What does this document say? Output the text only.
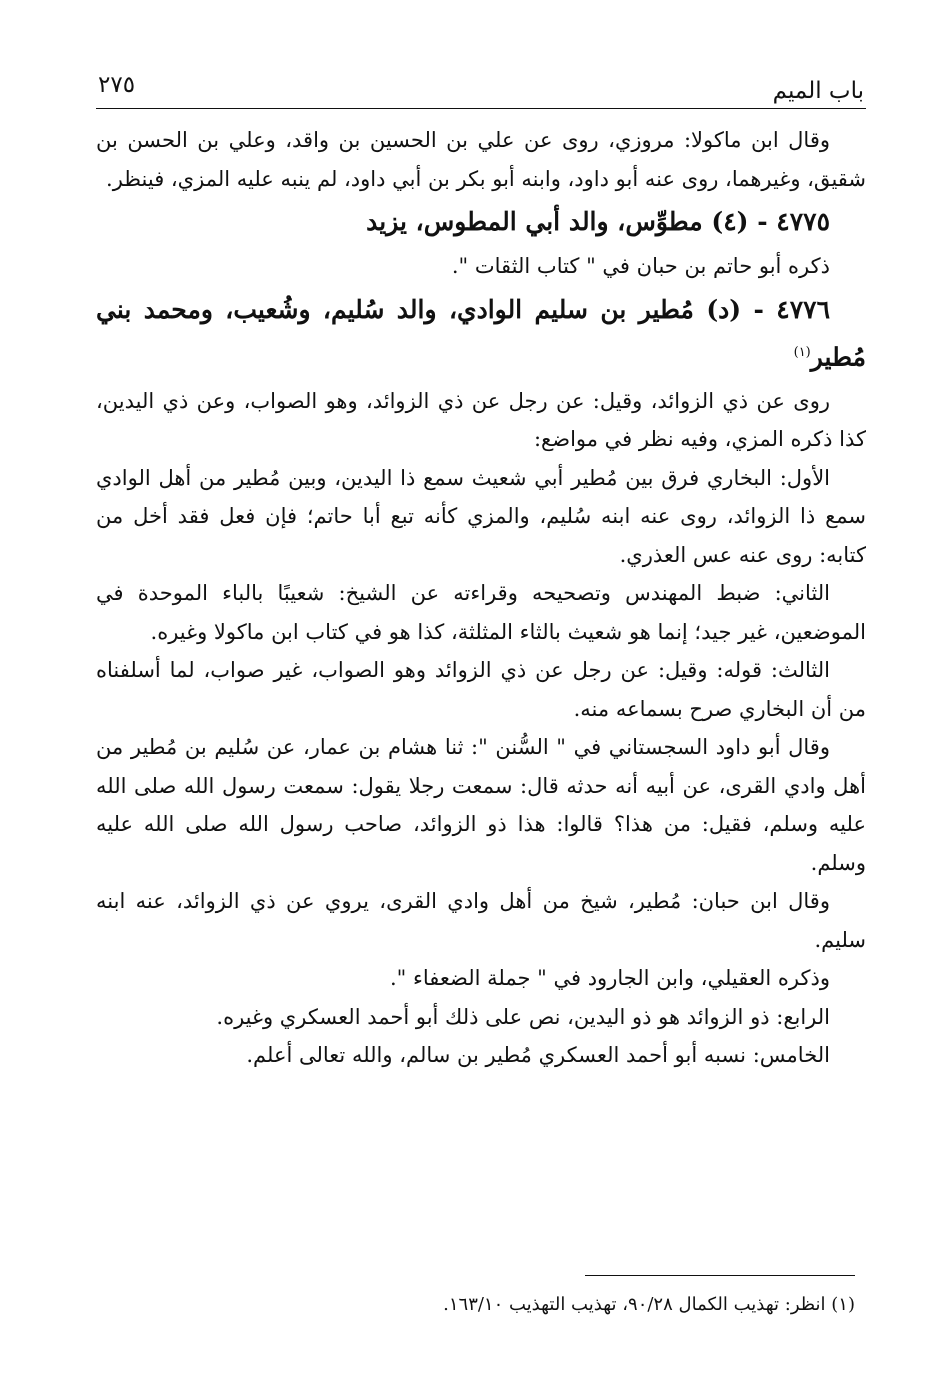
باب الميم
٢٧٥

وقال ابن ماكولا: مروزي، روى عن علي بن الحسين بن واقد، وعلي بن الحسن بن شقيق، وغيرهما، روى عنه أبو داود، وابنه أبو بكر بن أبي داود، لم ينبه عليه المزي، فينظر.

٤٧٧٥ - (٤) مطوِّس، والد أبي المطوس، يزيد

ذكره أبو حاتم بن حبان في " كتاب الثقات ".

٤٧٧٦ - (د) مُطير بن سليم الوادي، والد سُليم، وشُعيب، ومحمد بني مُطير$^{(١)}$

روى عن ذي الزوائد، وقيل: عن رجل عن ذي الزوائد، وهو الصواب، وعن ذي اليدين، كذا ذكره المزي، وفيه نظر في مواضع:

الأول: البخاري فرق بين مُطير أبي شعيث سمع ذا اليدين، وبين مُطير من أهل الوادي سمع ذا الزوائد، روى عنه ابنه سُليم، والمزي كأنه تبع أبا حاتم؛ فإن فعل فقد أخل من كتابه: روى عنه عس العذري.

الثاني: ضبط المهندس وتصحيحه وقراءته عن الشيخ: شعيبًا بالباء الموحدة في الموضعين، غير جيد؛ إنما هو شعيث بالثاء المثلثة، كذا هو في كتاب ابن ماكولا وغيره.

الثالث: قوله: وقيل: عن رجل عن ذي الزوائد وهو الصواب، غير صواب، لما أسلفناه من أن البخاري صرح بسماعه منه.

وقال أبو داود السجستاني في " السُّنن ": ثنا هشام بن عمار، عن سُليم بن مُطير من أهل وادي القرى، عن أبيه أنه حدثه قال: سمعت رجلا يقول: سمعت رسول الله صلى الله عليه وسلم، فقيل: من هذا؟ قالوا: هذا ذو الزوائد، صاحب رسول الله صلى الله عليه وسلم.

وقال ابن حبان: مُطير، شيخ من أهل وادي القرى، يروي عن ذي الزوائد، عنه ابنه سليم.

وذكره العقيلي، وابن الجارود في " جملة الضعفاء ".

الرابع: ذو الزوائد هو ذو اليدين، نص على ذلك أبو أحمد العسكري وغيره.

الخامس: نسبه أبو أحمد العسكري مُطير بن سالم، والله تعالى أعلم.

(١) انظر: تهذيب الكمال ٩٠/٢٨، تهذيب التهذيب ١٦٣/١٠.
